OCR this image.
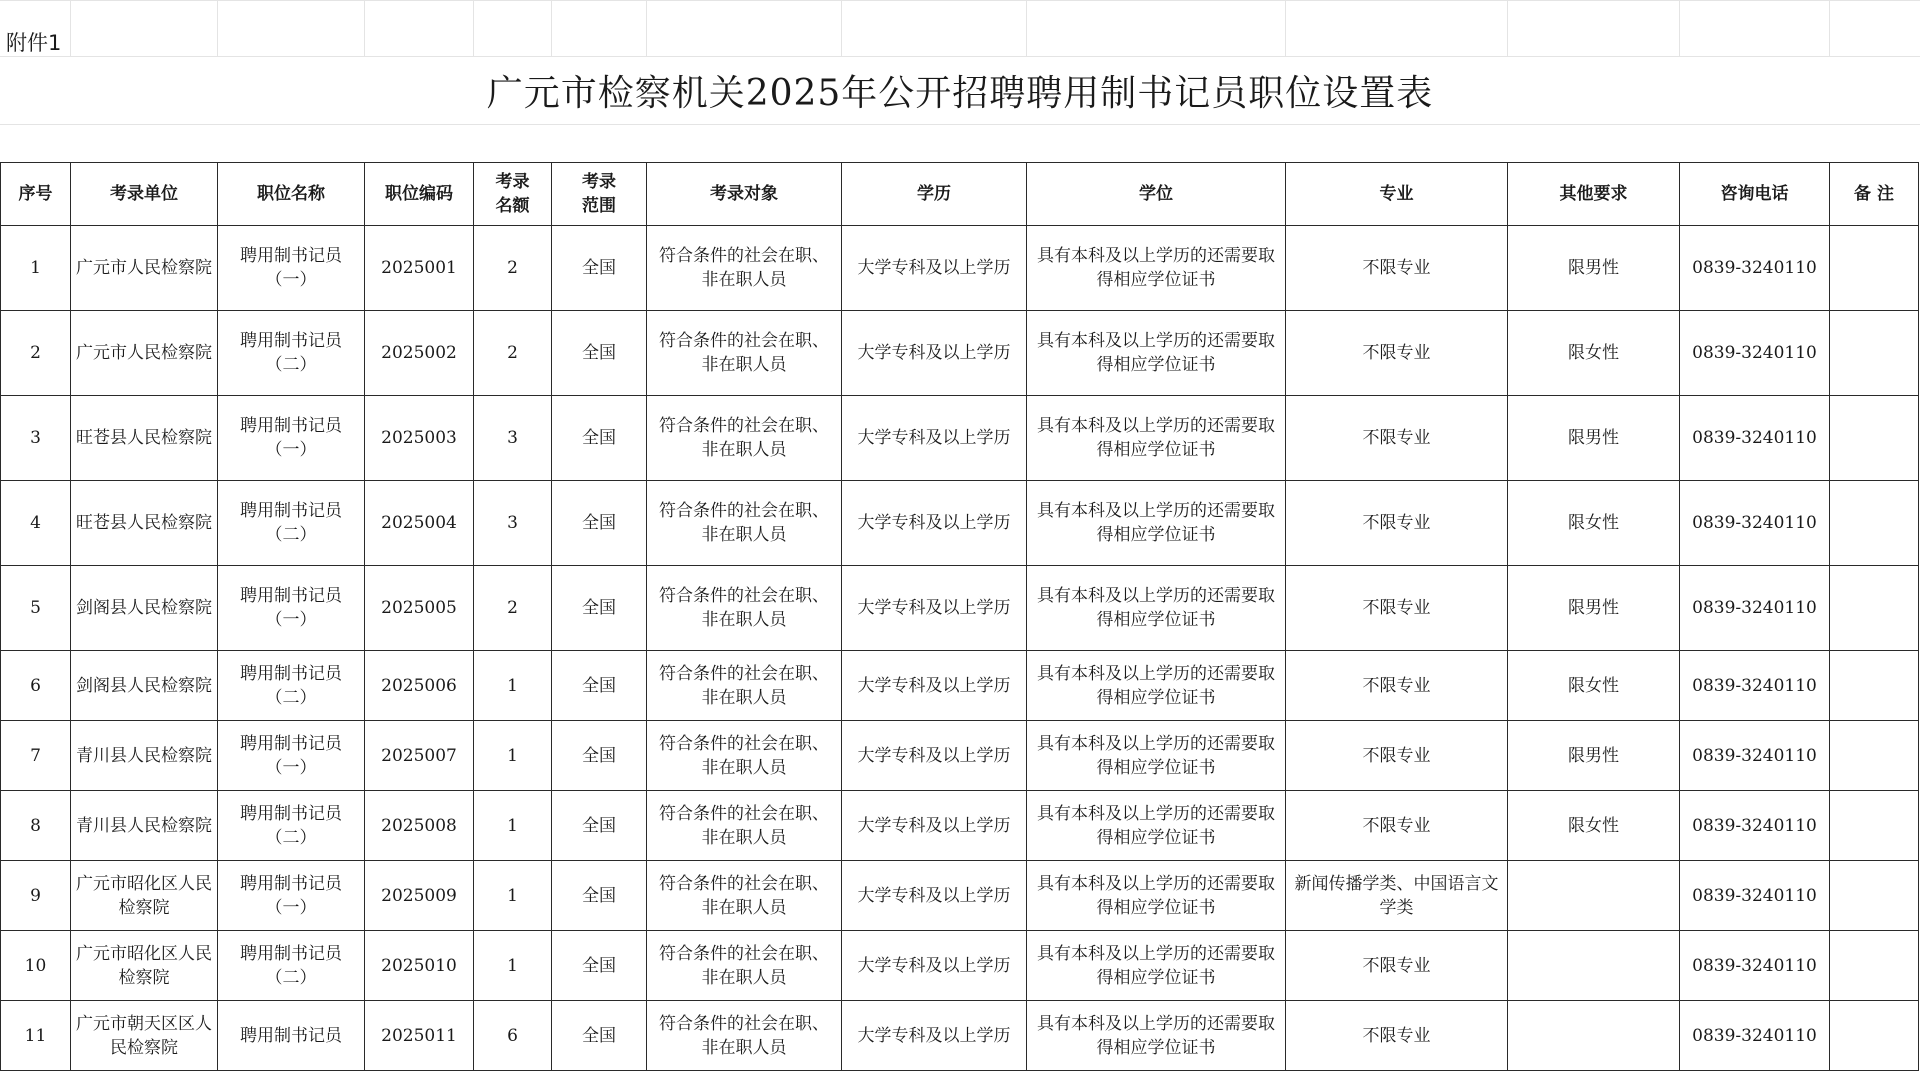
附件1
广元市检察机关2025年公开招聘聘用制书记员职位设置表
序号	考录单位	职位名称	职位编码	考录名额	考录范围	考录对象	学历	学位	专业	其他要求	咨询电话	备 注
1	广元市人民检察院	聘用制书记员（一）	2025001	2	全国	符合条件的社会在职、非在职人员	大学专科及以上学历	具有本科及以上学历的还需要取得相应学位证书	不限专业	限男性	0839-3240110	
2	广元市人民检察院	聘用制书记员（二）	2025002	2	全国	符合条件的社会在职、非在职人员	大学专科及以上学历	具有本科及以上学历的还需要取得相应学位证书	不限专业	限女性	0839-3240110	
3	旺苍县人民检察院	聘用制书记员（一）	2025003	3	全国	符合条件的社会在职、非在职人员	大学专科及以上学历	具有本科及以上学历的还需要取得相应学位证书	不限专业	限男性	0839-3240110	
4	旺苍县人民检察院	聘用制书记员（二）	2025004	3	全国	符合条件的社会在职、非在职人员	大学专科及以上学历	具有本科及以上学历的还需要取得相应学位证书	不限专业	限女性	0839-3240110	
5	剑阁县人民检察院	聘用制书记员（一）	2025005	2	全国	符合条件的社会在职、非在职人员	大学专科及以上学历	具有本科及以上学历的还需要取得相应学位证书	不限专业	限男性	0839-3240110	
6	剑阁县人民检察院	聘用制书记员（二）	2025006	1	全国	符合条件的社会在职、非在职人员	大学专科及以上学历	具有本科及以上学历的还需要取得相应学位证书	不限专业	限女性	0839-3240110	
7	青川县人民检察院	聘用制书记员（一）	2025007	1	全国	符合条件的社会在职、非在职人员	大学专科及以上学历	具有本科及以上学历的还需要取得相应学位证书	不限专业	限男性	0839-3240110	
8	青川县人民检察院	聘用制书记员（二）	2025008	1	全国	符合条件的社会在职、非在职人员	大学专科及以上学历	具有本科及以上学历的还需要取得相应学位证书	不限专业	限女性	0839-3240110	
9	广元市昭化区人民检察院	聘用制书记员（一）	2025009	1	全国	符合条件的社会在职、非在职人员	大学专科及以上学历	具有本科及以上学历的还需要取得相应学位证书	新闻传播学类、中国语言文学类		0839-3240110	
10	广元市昭化区人民检察院	聘用制书记员（二）	2025010	1	全国	符合条件的社会在职、非在职人员	大学专科及以上学历	具有本科及以上学历的还需要取得相应学位证书	不限专业		0839-3240110	
11	广元市朝天区区人民检察院	聘用制书记员	2025011	6	全国	符合条件的社会在职、非在职人员	大学专科及以上学历	具有本科及以上学历的还需要取得相应学位证书	不限专业		0839-3240110	
